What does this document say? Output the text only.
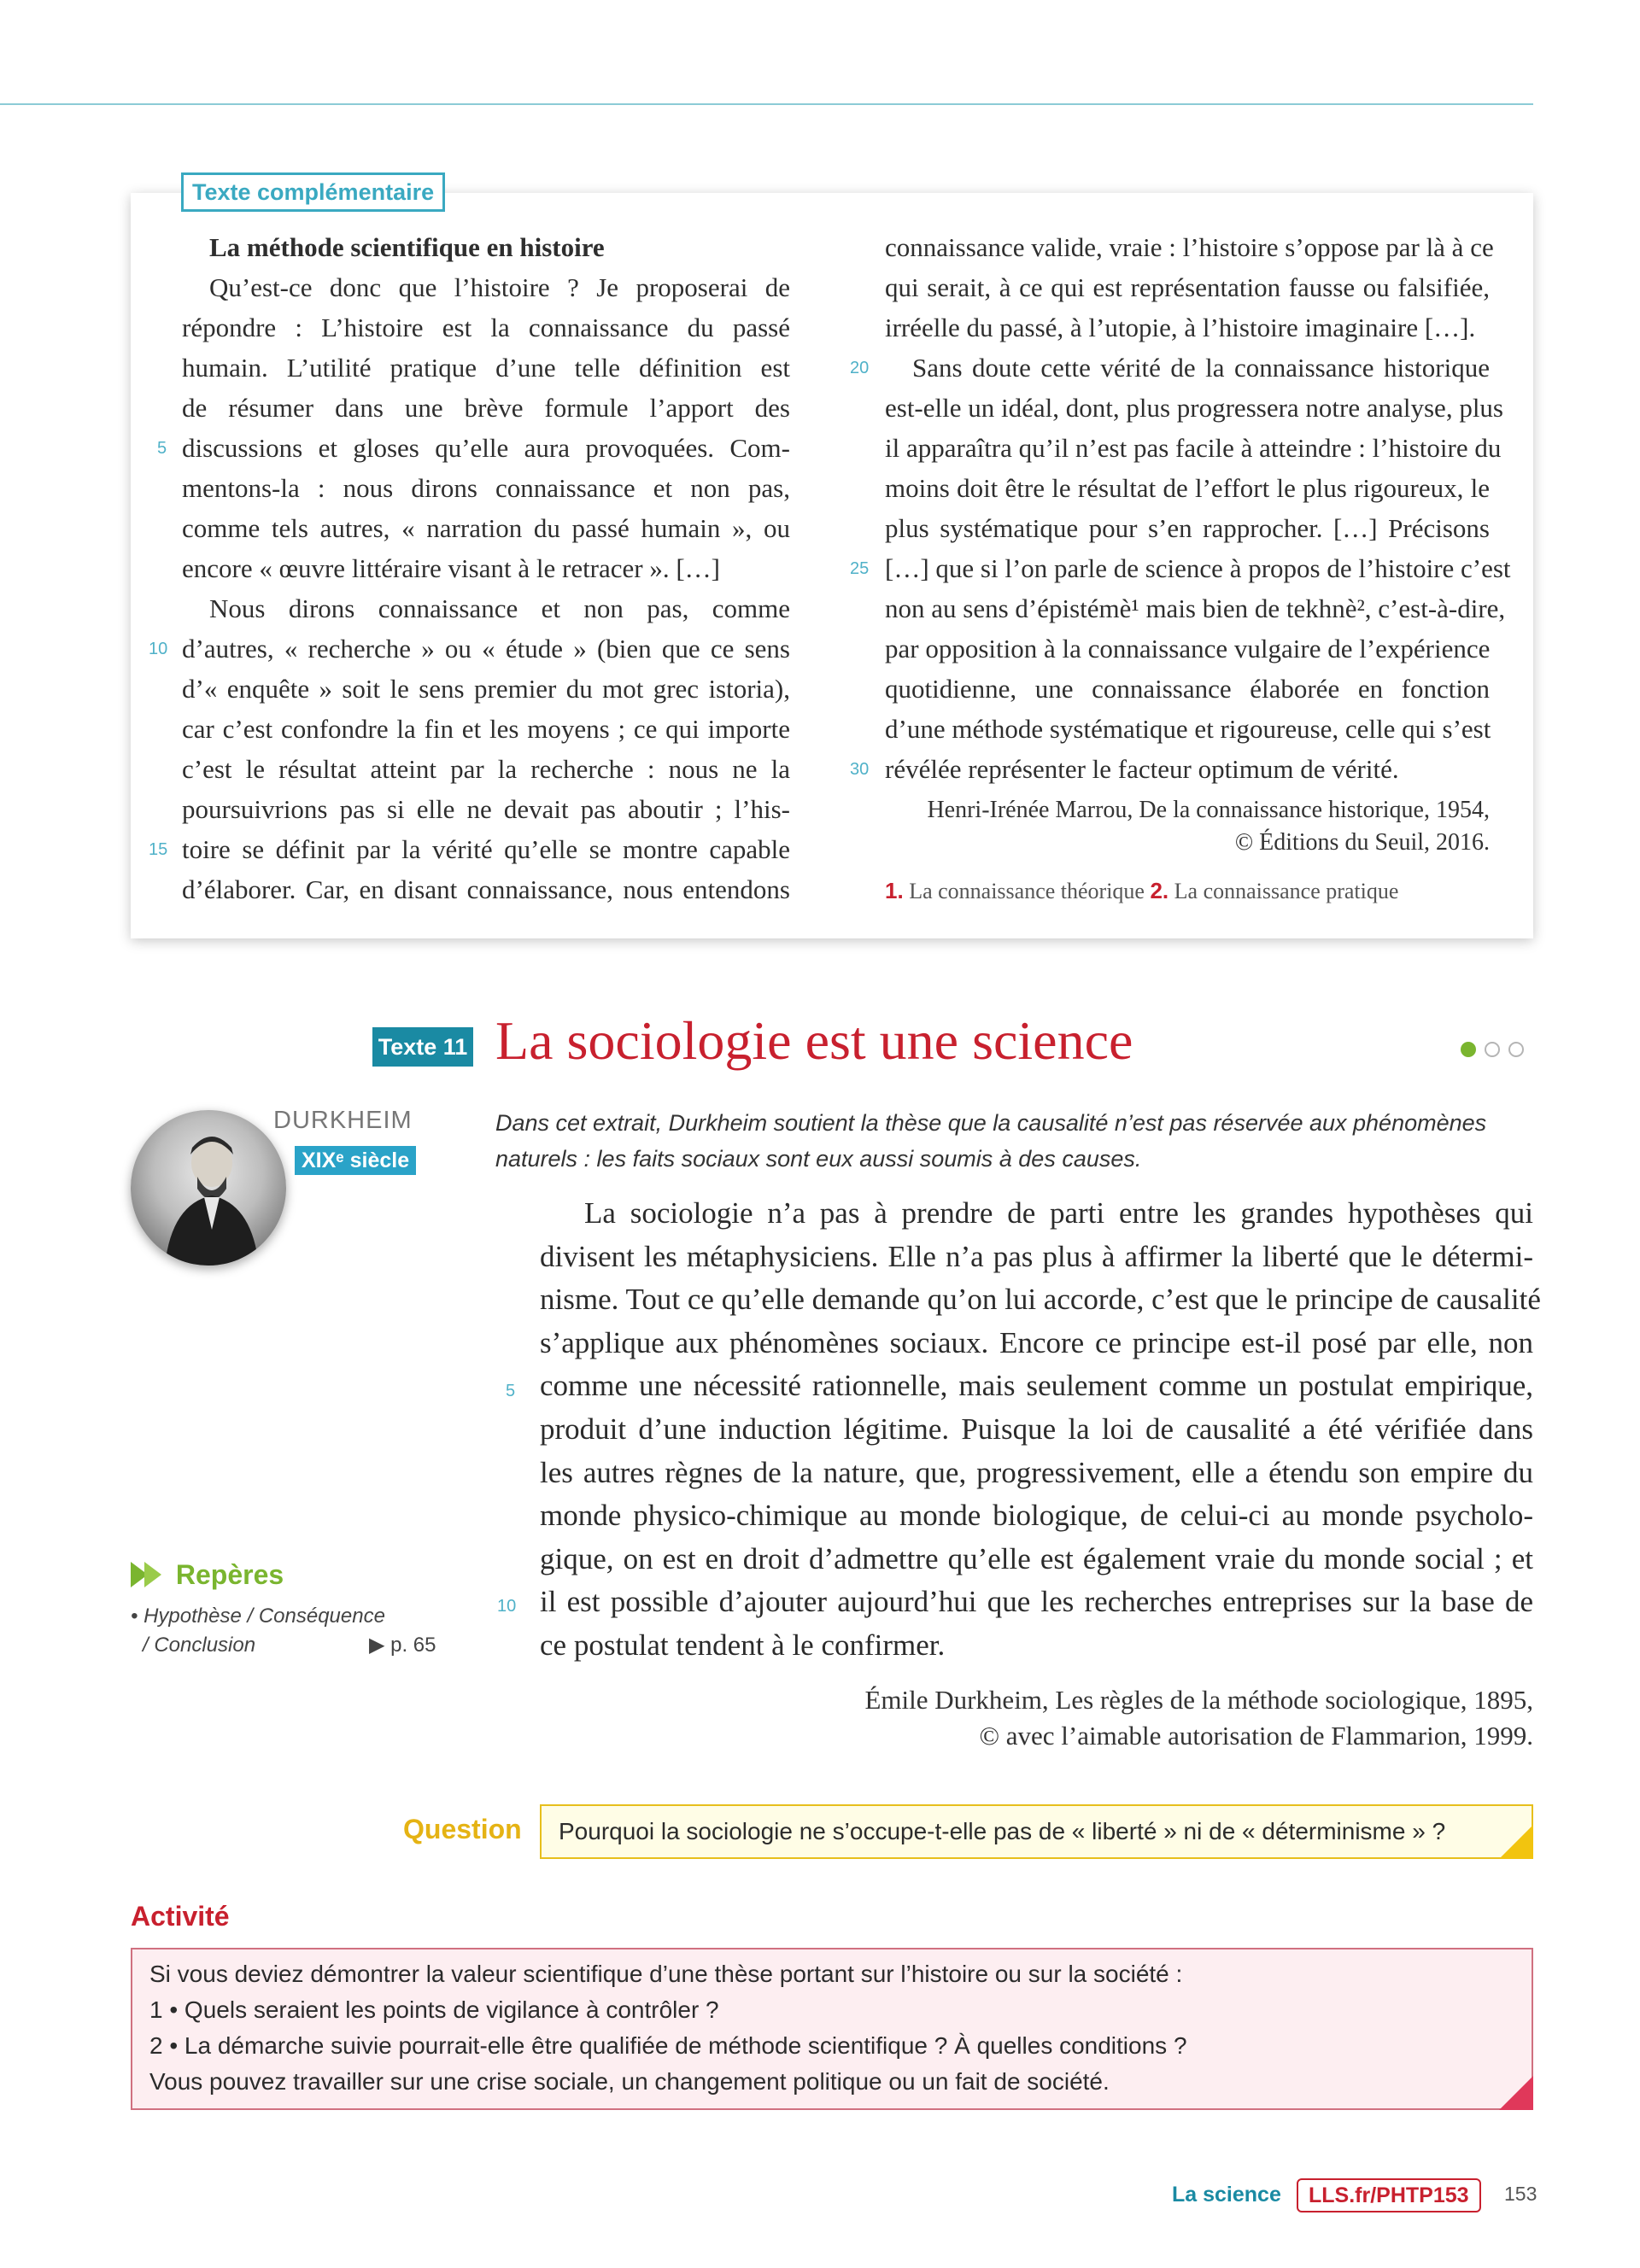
Texte complémentaire
La méthode scientifique en histoire
Qu’est-ce donc que l’histoire ? Je proposerai de
répondre : L’histoire est la connaissance du passé
humain. L’utilité pratique d’une telle définition est
de résumer dans une brève formule l’apport des
discussions et gloses qu’elle aura provoquées. Com-
mentons-la : nous dirons connaissance et non pas,
comme tels autres, « narration du passé humain », ou
encore « œuvre littéraire visant à le retracer ». […]
Nous dirons connaissance et non pas, comme
d’autres, « recherche » ou « étude » (bien que ce sens
d’« enquête » soit le sens premier du mot grec istoria),
car c’est confondre la fin et les moyens ; ce qui importe
c’est le résultat atteint par la recherche : nous ne la
poursuivrions pas si elle ne devait pas aboutir ; l’his-
toire se définit par la vérité qu’elle se montre capable
d’élaborer. Car, en disant connaissance, nous entendons
5
10
15
connaissance valide, vraie : l’histoire s’oppose par là à ce
qui serait, à ce qui est représentation fausse ou falsifiée,
irréelle du passé, à l’utopie, à l’histoire imaginaire […].
Sans doute cette vérité de la connaissance historique
est-elle un idéal, dont, plus progressera notre analyse, plus
il apparaîtra qu’il n’est pas facile à atteindre : l’histoire du
moins doit être le résultat de l’effort le plus rigoureux, le
plus systématique pour s’en rapprocher. […] Précisons
[…] que si l’on parle de science à propos de l’histoire c’est
non au sens d’épistémè¹ mais bien de tekhnè², c’est-à-dire,
par opposition à la connaissance vulgaire de l’expérience
quotidienne, une connaissance élaborée en fonction
d’une méthode systématique et rigoureuse, celle qui s’est
révélée représenter le facteur optimum de vérité.
Henri-Irénée Marrou, De la connaissance historique, 1954,
© Éditions du Seuil, 2016.
1. La connaissance théorique 2. La connaissance pratique
20
25
30
Texte 11 La sociologie est une science
DURKHEIM
XIXᵉ siècle
Dans cet extrait, Durkheim soutient la thèse que la causalité n’est pas réservée aux phénomènes naturels : les faits sociaux sont eux aussi soumis à des causes.
La sociologie n’a pas à prendre de parti entre les grandes hypothèses qui
divisent les métaphysiciens. Elle n’a pas plus à affirmer la liberté que le détermi-
nisme. Tout ce qu’elle demande qu’on lui accorde, c’est que le principe de causalité
s’applique aux phénomènes sociaux. Encore ce principe est-il posé par elle, non
comme une nécessité rationnelle, mais seulement comme un postulat empirique,
produit d’une induction légitime. Puisque la loi de causalité a été vérifiée dans
les autres règnes de la nature, que, progressivement, elle a étendu son empire du
monde physico-chimique au monde biologique, de celui-ci au monde psycholo-
gique, on est en droit d’admettre qu’elle est également vraie du monde social ; et
il est possible d’ajouter aujourd’hui que les recherches entreprises sur la base de
ce postulat tendent à le confirmer.
5
10
Émile Durkheim, Les règles de la méthode sociologique, 1895,
© avec l’aimable autorisation de Flammarion, 1999.
Repères
• Hypothèse / Conséquence
/ Conclusion	▶ p. 65
Question	Pourquoi la sociologie ne s’occupe-t-elle pas de « liberté » ni de « déterminisme » ?
Activité
Si vous deviez démontrer la valeur scientifique d’une thèse portant sur l’histoire ou sur la société :
1 • Quels seraient les points de vigilance à contrôler ?
2 • La démarche suivie pourrait-elle être qualifiée de méthode scientifique ? À quelles conditions ?
Vous pouvez travailler sur une crise sociale, un changement politique ou un fait de société.
La science	LLS.fr/PHTP153	153
